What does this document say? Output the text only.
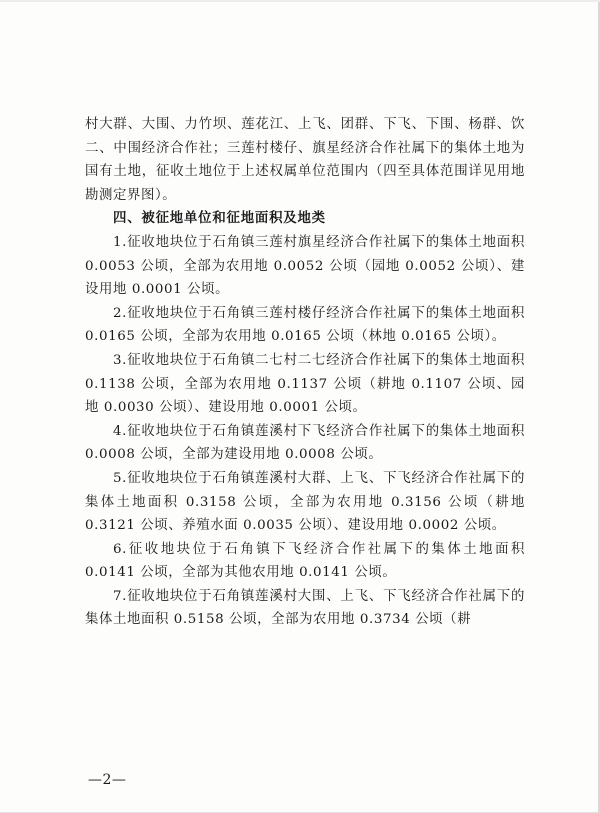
村大群、大围、力竹坝、莲花江、上飞、团群、下飞、下围、杨群、饮二、中围经济合作社；三莲村楼仔、旗星经济合作社属下的集体土地为国有土地，征收土地位于上述权属单位范围内（四至具体范围详见用地勘测定界图）。

四、被征地单位和征地面积及地类

1.征收地块位于石角镇三莲村旗星经济合作社属下的集体土地面积 0.0053 公顷，全部为农用地 0.0052 公顷（园地 0.0052 公顷）、建设用地 0.0001 公顷。

2.征收地块位于石角镇三莲村楼仔经济合作社属下的集体土地面积 0.0165 公顷，全部为农用地 0.0165 公顷（林地 0.0165 公顷）。

3.征收地块位于石角镇二七村二七经济合作社属下的集体土地面积 0.1138 公顷，全部为农用地 0.1137 公顷（耕地 0.1107 公顷、园地 0.0030 公顷）、建设用地 0.0001 公顷。

4.征收地块位于石角镇莲溪村下飞经济合作社属下的集体土地面积 0.0008 公顷，全部为建设用地 0.0008 公顷。

5.征收地块位于石角镇莲溪村大群、上飞、下飞经济合作社属下的集体土地面积 0.3158 公顷，全部为农用地 0.3156 公顷（耕地 0.3121 公顷、养殖水面 0.0035 公顷）、建设用地 0.0002 公顷。

6.征收地块位于石角镇下飞经济合作社属下的集体土地面积 0.0141 公顷，全部为其他农用地 0.0141 公顷。

7.征收地块位于石角镇莲溪村大围、上飞、下飞经济合作社属下的集体土地面积 0.5158 公顷，全部为农用地 0.3734 公顷（耕

—2—
